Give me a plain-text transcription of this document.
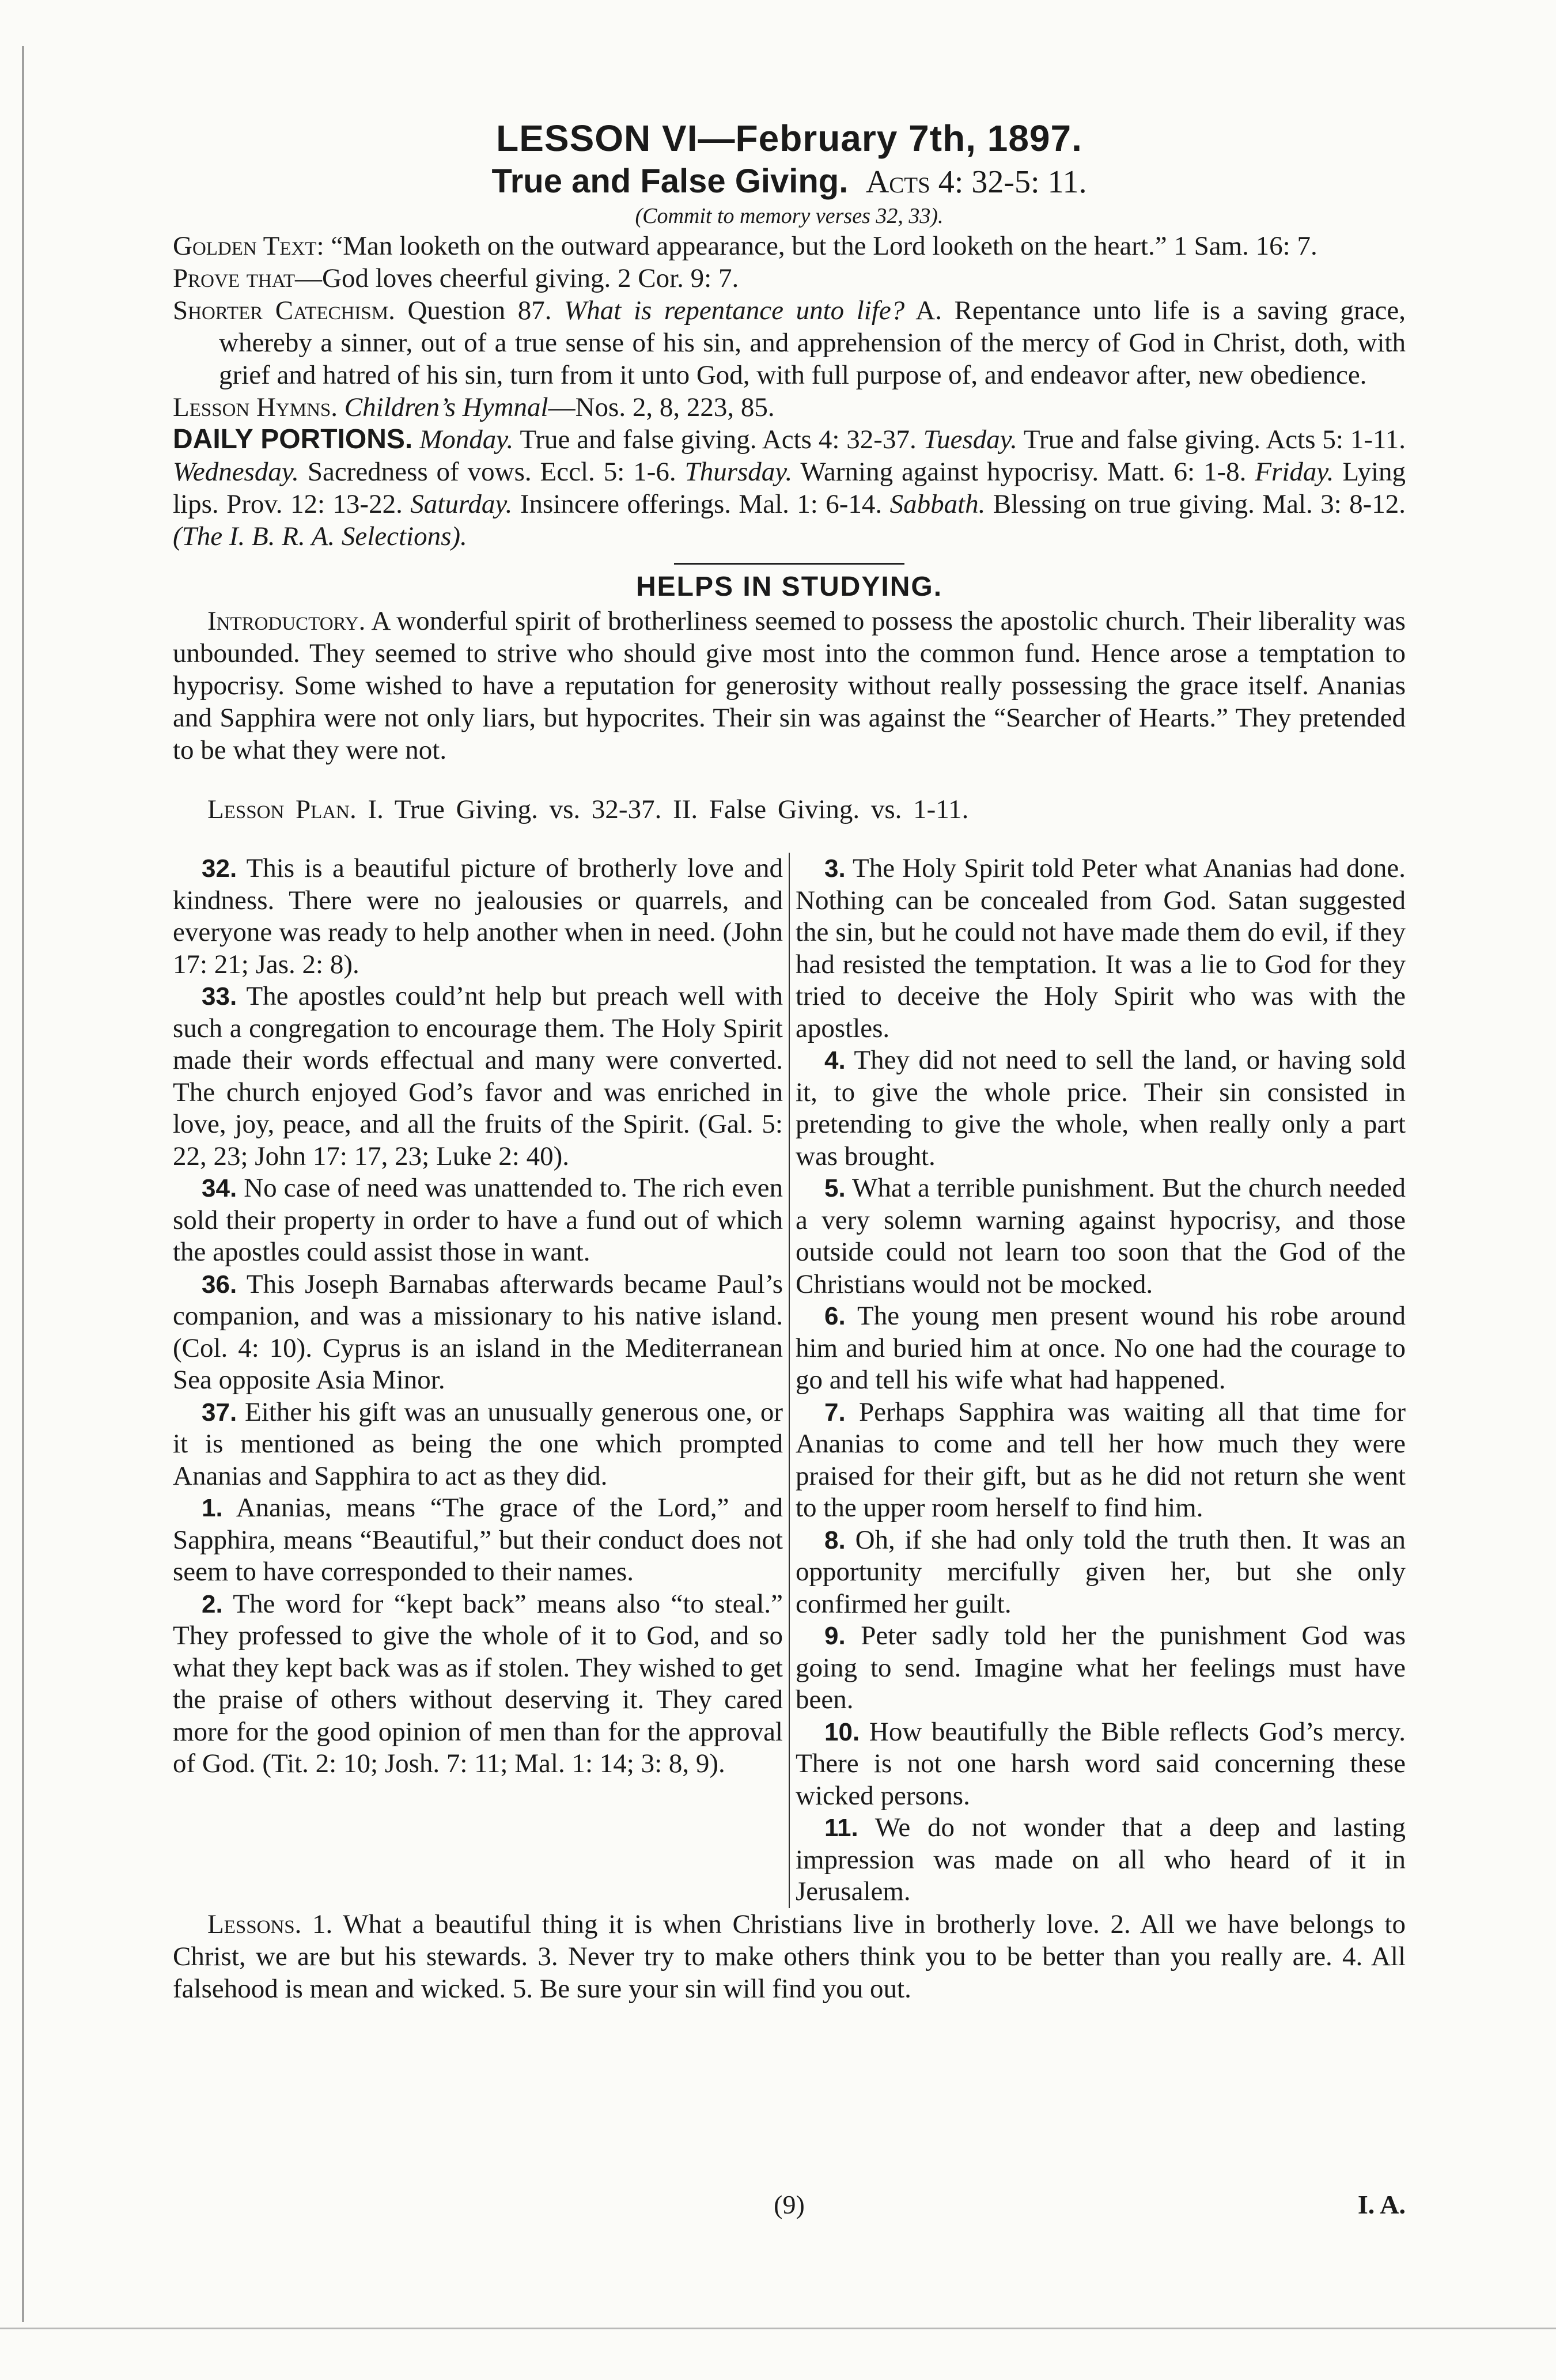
LESSON VI—February 7th, 1897.
True and False Giving. Acts 4: 32-5: 11.
(Commit to memory verses 32, 33).

Golden Text: “Man looketh on the outward appearance, but the Lord looketh on the heart.” 1 Sam. 16: 7.

Prove that—God loves cheerful giving. 2 Cor. 9: 7.

Shorter Catechism. Question 87. What is repentance unto life? A. Repentance unto life is a saving grace, whereby a sinner, out of a true sense of his sin, and apprehension of the mercy of God in Christ, doth, with grief and hatred of his sin, turn from it unto God, with full purpose of, and endeavor after, new obedience.

Lesson Hymns. Children’s Hymnal—Nos. 2, 8, 223, 85.

DAILY PORTIONS. Monday. True and false giving. Acts 4: 32-37. Tuesday. True and false giving. Acts 5: 1-11. Wednesday. Sacredness of vows. Eccl. 5: 1-6. Thursday. Warning against hypocrisy. Matt. 6: 1-8. Friday. Lying lips. Prov. 12: 13-22. Saturday. Insincere offerings. Mal. 1: 6-14. Sabbath. Blessing on true giving. Mal. 3: 8-12. (The I. B. R. A. Selections).

HELPS IN STUDYING.

Introductory. A wonderful spirit of brotherliness seemed to possess the apostolic church. Their liberality was unbounded. They seemed to strive who should give most into the common fund. Hence arose a temptation to hypocrisy. Some wished to have a reputation for generosity without really possessing the grace itself. Ananias and Sapphira were not only liars, but hypocrites. Their sin was against the “Searcher of Hearts.” They pretended to be what they were not.

Lesson Plan. I. True Giving. vs. 32-37. II. False Giving. vs. 1-11.

32. This is a beautiful picture of brotherly love and kindness. There were no jealousies or quarrels, and everyone was ready to help another when in need. (John 17: 21; Jas. 2: 8).

33. The apostles could’nt help but preach well with such a congregation to encourage them. The Holy Spirit made their words effectual and many were converted. The church enjoyed God’s favor and was enriched in love, joy, peace, and all the fruits of the Spirit. (Gal. 5: 22, 23; John 17: 17, 23; Luke 2: 40).

34. No case of need was unattended to. The rich even sold their property in order to have a fund out of which the apostles could assist those in want.

36. This Joseph Barnabas afterwards became Paul’s companion, and was a missionary to his native island. (Col. 4: 10). Cyprus is an island in the Mediterranean Sea opposite Asia Minor.

37. Either his gift was an unusually generous one, or it is mentioned as being the one which prompted Ananias and Sapphira to act as they did.

1. Ananias, means “The grace of the Lord,” and Sapphira, means “Beautiful,” but their conduct does not seem to have corresponded to their names.

2. The word for “kept back” means also “to steal.” They professed to give the whole of it to God, and so what they kept back was as if stolen. They wished to get the praise of others without deserving it. They cared more for the good opinion of men than for the approval of God. (Tit. 2: 10; Josh. 7: 11; Mal. 1: 14; 3: 8, 9).

3. The Holy Spirit told Peter what Ananias had done. Nothing can be concealed from God. Satan suggested the sin, but he could not have made them do evil, if they had resisted the temptation. It was a lie to God for they tried to deceive the Holy Spirit who was with the apostles.

4. They did not need to sell the land, or having sold it, to give the whole price. Their sin consisted in pretending to give the whole, when really only a part was brought.

5. What a terrible punishment. But the church needed a very solemn warning against hypocrisy, and those outside could not learn too soon that the God of the Christians would not be mocked.

6. The young men present wound his robe around him and buried him at once. No one had the courage to go and tell his wife what had happened.

7. Perhaps Sapphira was waiting all that time for Ananias to come and tell her how much they were praised for their gift, but as he did not return she went to the upper room herself to find him.

8. Oh, if she had only told the truth then. It was an opportunity mercifully given her, but she only confirmed her guilt.

9. Peter sadly told her the punishment God was going to send. Imagine what her feelings must have been.

10. How beautifully the Bible reflects God’s mercy. There is not one harsh word said concerning these wicked persons.

11. We do not wonder that a deep and lasting impression was made on all who heard of it in Jerusalem.

Lessons. 1. What a beautiful thing it is when Christians live in brotherly love. 2. All we have belongs to Christ, we are but his stewards. 3. Never try to make others think you to be better than you really are. 4. All falsehood is mean and wicked. 5. Be sure your sin will find you out.

(9)	I. A.
